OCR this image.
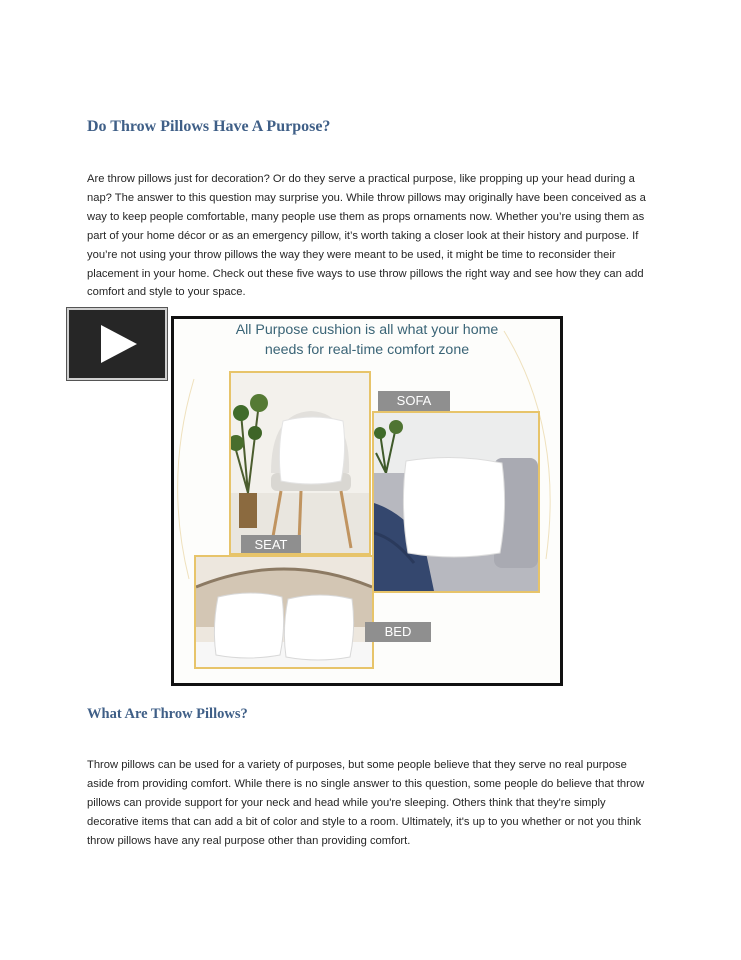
Do Throw Pillows Have A Purpose?

Are throw pillows just for decoration? Or do they serve a practical purpose, like propping up your head during a nap? The answer to this question may surprise you. While throw pillows may originally have been conceived as a way to keep people comfortable, many people use them as props ornaments now. Whether you’re using them as part of your home décor or as an emergency pillow, it’s worth taking a closer look at their history and purpose. If you’re not using your throw pillows the way they were meant to be used, it might be time to reconsider their placement in your home. Check out these five ways to use throw pillows the right way and see how they can add comfort and style to your space.

All Purpose cushion is all what your home
needs for real-time comfort zone
SEAT
SOFA
BED
What Are Throw Pillows?

Throw pillows can be used for a variety of purposes, but some people believe that they serve no real purpose aside from providing comfort. While there is no single answer to this question, some people do believe that throw pillows can provide support for your neck and head while you're sleeping. Others think that they're simply decorative items that can add a bit of color and style to a room. Ultimately, it's up to you whether or not you think throw pillows have any real purpose other than providing comfort.
